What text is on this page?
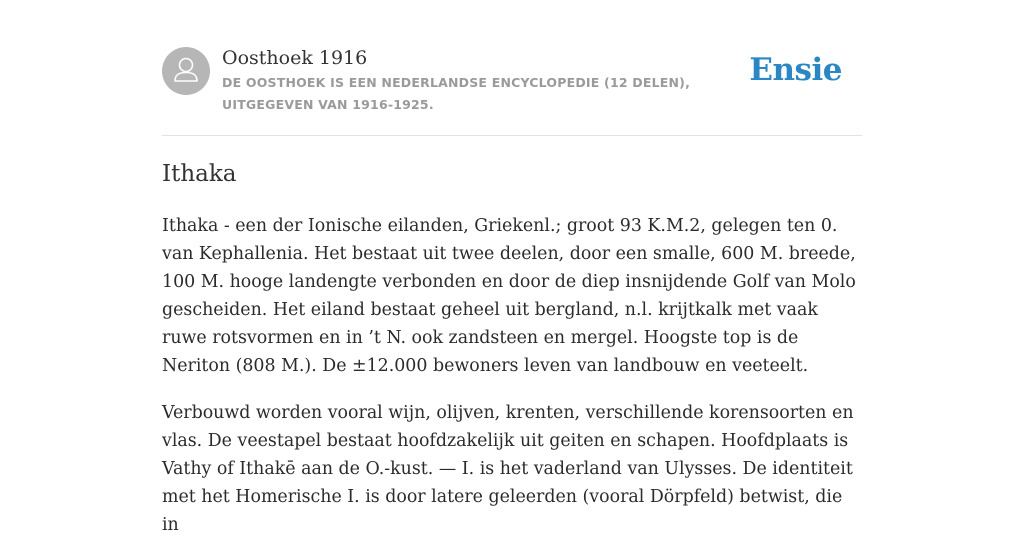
Oosthoek 1916
DE OOSTHOEK IS EEN NEDERLANDSE ENCYCLOPEDIE (12 DELEN), UITGEGEVEN VAN 1916-1925.
Ensie
Ithaka

Ithaka - een der Ionische eilanden, Griekenl.; groot 93 K.M.2, gelegen ten 0. van Kephallenia. Het bestaat uit twee deelen, door een smalle, 600 M. breede, 100 M. hooge landengte verbonden en door de diep insnijdende Golf van Molo gescheiden. Het eiland bestaat geheel uit bergland, n.l. krijtkalk met vaak ruwe rotsvormen en in ’t N. ook zandsteen en mergel. Hoogste top is de Neriton (808 M.). De ±12.000 bewoners leven van landbouw en veeteelt.

Verbouwd worden vooral wijn, olijven, krenten, verschillende korensoorten en vlas. De veestapel bestaat hoofdzakelijk uit geiten en schapen. Hoofdplaats is Vathy of Ithakē aan de O.-kust. — I. is het vaderland van Ulysses. De identiteit met het Homerische I. is door latere geleerden (vooral Dörpfeld) betwist, die in
